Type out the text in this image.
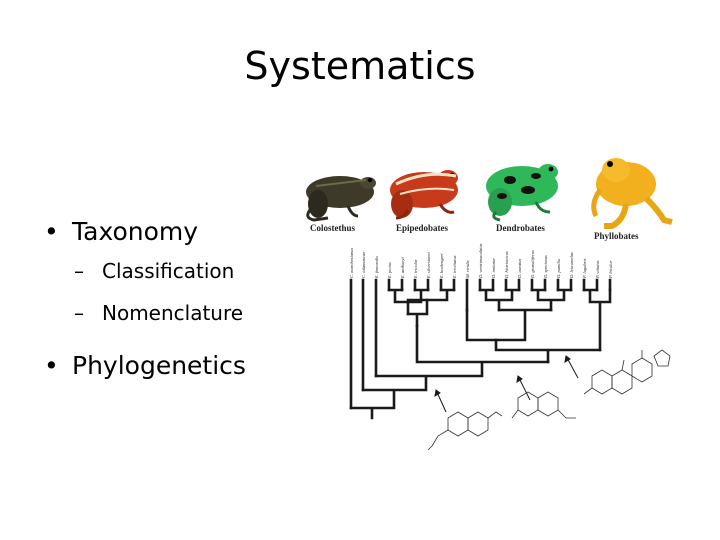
Systematics
• Taxonomy
– Classification
– Nomenclature
• Phylogenetics
Colostethus	Epipedobates	Dendrobates
Phyllobates
C. marchesianus C. talamancae E. femoralis E. pictus E. anthonyi E. tricolor E. silverstonei E. boulengeri E. trivittatus M. viridis D. ventrimaculatus D. imitator D. histrionicus D. auratus D. granuliferus D. speciosus D. pumilio D. leucomelas P. lugubris P. vittatus P. bicolor
